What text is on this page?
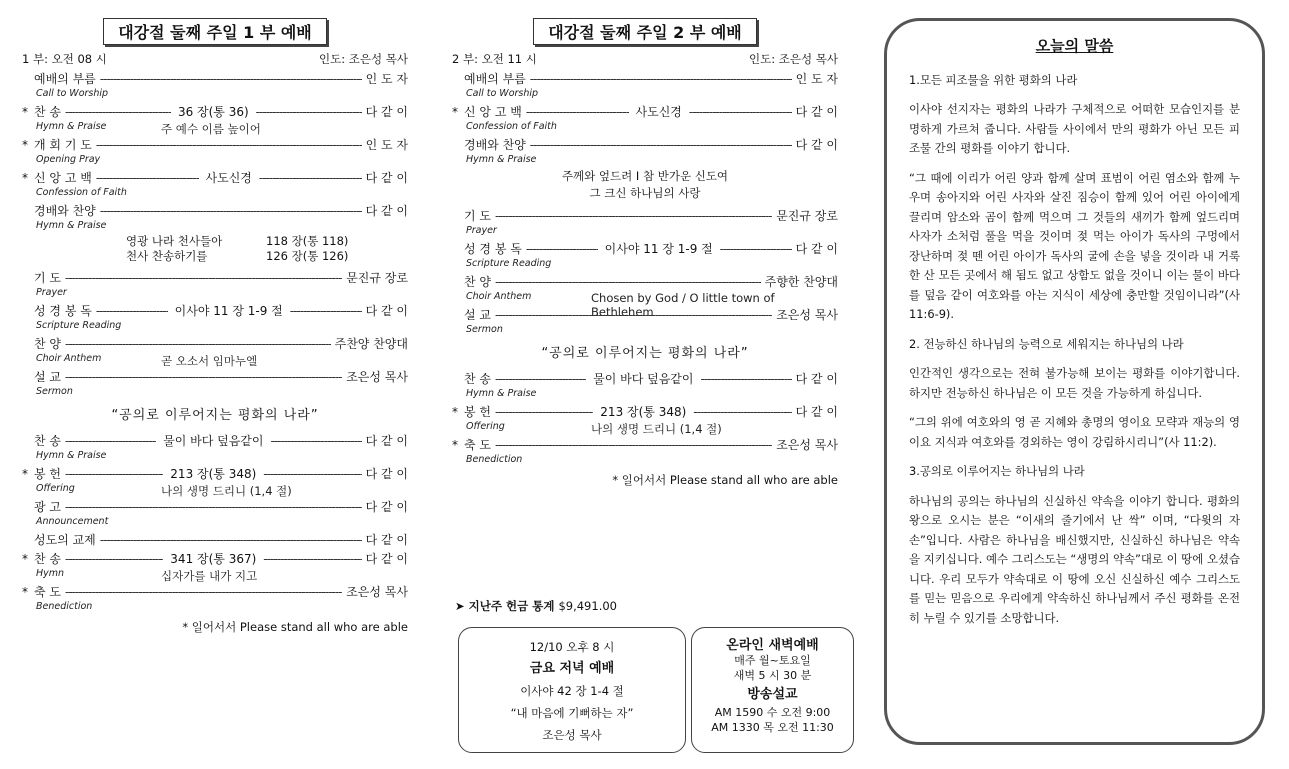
대강절 둘째 주일 1 부 예배
1 부: 오전 08 시	인도: 조은성 목사
예배의 부름 -----	인 도 자
Call to Worship
* 찬 송 -----	36 장(통 36) -----	다 같 이
Hymn & Praise	주 예수 이름 높이어
* 개 회 기 도 -----	인 도 자
Opening Pray
* 신 앙 고 백 -----	사도신경 -----	다 같 이
Confession of Faith
경배와 찬양 -----	다 같 이
Hymn & Praise
영광 나라 천사들아	118 장(통 118)
천사 찬송하기를	126 장(통 126)
기 도 -----	문진규 장로
Prayer
성 경 봉 독 -----	이사야 11 장 1-9 절 -----	다 같 이
Scripture Reading
찬 양 -----	주찬양 찬양대
Choir Anthem	곧 오소서 임마누엘
설 교 -----	조은성 목사
Sermon
“공의로 이루어지는 평화의 나라”
찬 송 -----	물이 바다 덮음같이 -----	다 같 이
Hymn & Praise
* 봉 헌 -----	213 장(통 348) -----	다 같 이
Offering	나의 생명 드리니 (1,4 절)
광 고 -----	다 같 이
Announcement
성도의 교제 -----	다 같 이
* 찬 송 -----	341 장(통 367) -----	다 같 이
Hymn	십자가를 내가 지고
* 축 도 -----	조은성 목사
Benediction
* 일어서서 Please stand all who are able
대강절 둘째 주일 2 부 예배
2 부: 오전 11 시	인도: 조은성 목사
예배의 부름 -----	인 도 자
Call to Worship
* 신 앙 고 백 -----	사도신경 -----	다 같 이
Confession of Faith
경배와 찬양 -----	다 같 이
Hymn & Praise
주께와 엎드려 I 참 반가운 신도여
그 크신 하나님의 사랑
기 도 -----	문진규 장로
Prayer
성 경 봉 독 -----	이사야 11 장 1-9 절 -----	다 같 이
Scripture Reading
찬 양 -----	주향한 찬양대
Choir Anthem	Chosen by God / O little town of Bethlehem
설 교 -----	조은성 목사
Sermon
“공의로 이루어지는 평화의 나라”
찬 송 -----	물이 바다 덮음같이 -----	다 같 이
Hymn & Praise
* 봉 헌 -----	213 장(통 348) -----	다 같 이
Offering	나의 생명 드리니 (1,4 절)
* 축 도 -----	조은성 목사
Benediction
* 일어서서 Please stand all who are able
➤ 지난주 헌금 통계 $9,491.00
12/10 오후 8 시
금요 저녁 예배
이사야 42 장 1-4 절
“내 마음에 기뻐하는 자”
조은성 목사
온라인 새벽예배
매주 월~토요일
새벽 5 시 30 분
방송설교
AM 1590 수 오전 9:00
AM 1330 목 오전 11:30
오늘의 말씀

1.모든 피조물을 위한 평화의 나라

이사야 선지자는 평화의 나라가 구체적으로 어떠한 모습인지를 분명하게 가르쳐 줍니다. 사람들 사이에서 만의 평화가 아닌 모든 피조물 간의 평화를 이야기 합니다.

“그 때에 이리가 어린 양과 함께 살며 표범이 어린 염소와 함께 누우며 송아지와 어린 사자와 살진 짐승이 함께 있어 어린 아이에게 끌리며 암소와 곰이 함께 먹으며 그 것들의 새끼가 함께 엎드리며 사자가 소처럼 풀을 먹을 것이며 젖 먹는 아이가 독사의 구멍에서 장난하며 젖 뗀 어린 아이가 독사의 굴에 손을 넣을 것이라 내 거룩한 산 모든 곳에서 해 됨도 없고 상함도 없을 것이니 이는 물이 바다를 덮음 같이 여호와를 아는 지식이 세상에 충만할 것임이니라”(사 11:6-9).

2. 전능하신 하나님의 능력으로 세워지는 하나님의 나라

인간적인 생각으로는 전혀 불가능해 보이는 평화를 이야기합니다. 하지만 전능하신 하나님은 이 모든 것을 가능하게 하십니다.

“그의 위에 여호와의 영 곧 지혜와 총명의 영이요 모략과 재능의 영이요 지식과 여호와를 경외하는 영이 강림하시리니”(사 11:2).

3.공의로 이루어지는 하나님의 나라

하나님의 공의는 하나님의 신실하신 약속을 이야기 합니다. 평화의 왕으로 오시는 분은 “이새의 줄기에서 난 싹” 이며, “다윗의 자손”입니다. 사람은 하나님을 배신했지만, 신실하신 하나님은 약속을 지키십니다. 예수 그리스도는 “생명의 약속”대로 이 땅에 오셨습니다. 우리 모두가 약속대로 이 땅에 오신 신실하신 예수 그리스도를 믿는 믿음으로 우리에게 약속하신 하나님께서 주신 평화를 온전히 누릴 수 있기를 소망합니다.
